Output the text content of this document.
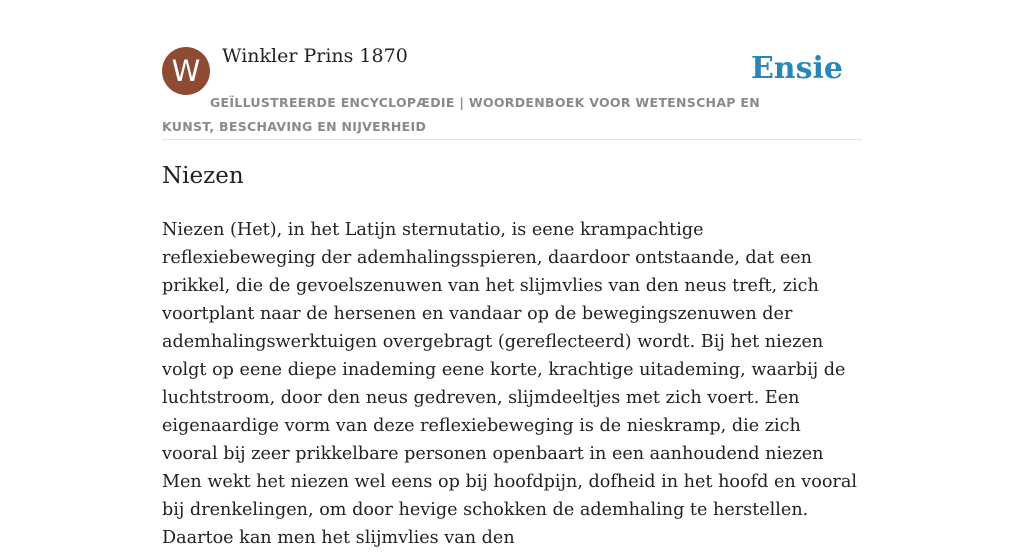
W	Winkler Prins 1870	Ensie
GEÏLLUSTREERDE ENCYCLOPÆDIE | WOORDENBOEK VOOR WETENSCHAP EN KUNST, BESCHAVING EN NIJVERHEID
Niezen

Niezen (Het), in het Latijn sternutatio, is eene krampachtige reflexiebeweging der ademhalingsspieren, daardoor ontstaande, dat een prikkel, die de gevoelszenuwen van het slijmvlies van den neus treft, zich voortplant naar de hersenen en vandaar op de bewegingszenuwen der ademhalingswerktuigen overgebragt (gereflecteerd) wordt. Bij het niezen volgt op eene diepe inademing eene korte, krachtige uitademing, waarbij de luchtstroom, door den neus gedreven, slijmdeeltjes met zich voert. Een eigenaardige vorm van deze reflexiebeweging is de nieskramp, die zich vooral bij zeer prikkelbare personen openbaart in een aanhoudend niezen Men wekt het niezen wel eens op bij hoofdpijn, dofheid in het hoofd en vooral bij drenkelingen, om door hevige schokken de ademhaling te herstellen. Daartoe kan men het slijmvlies van den
